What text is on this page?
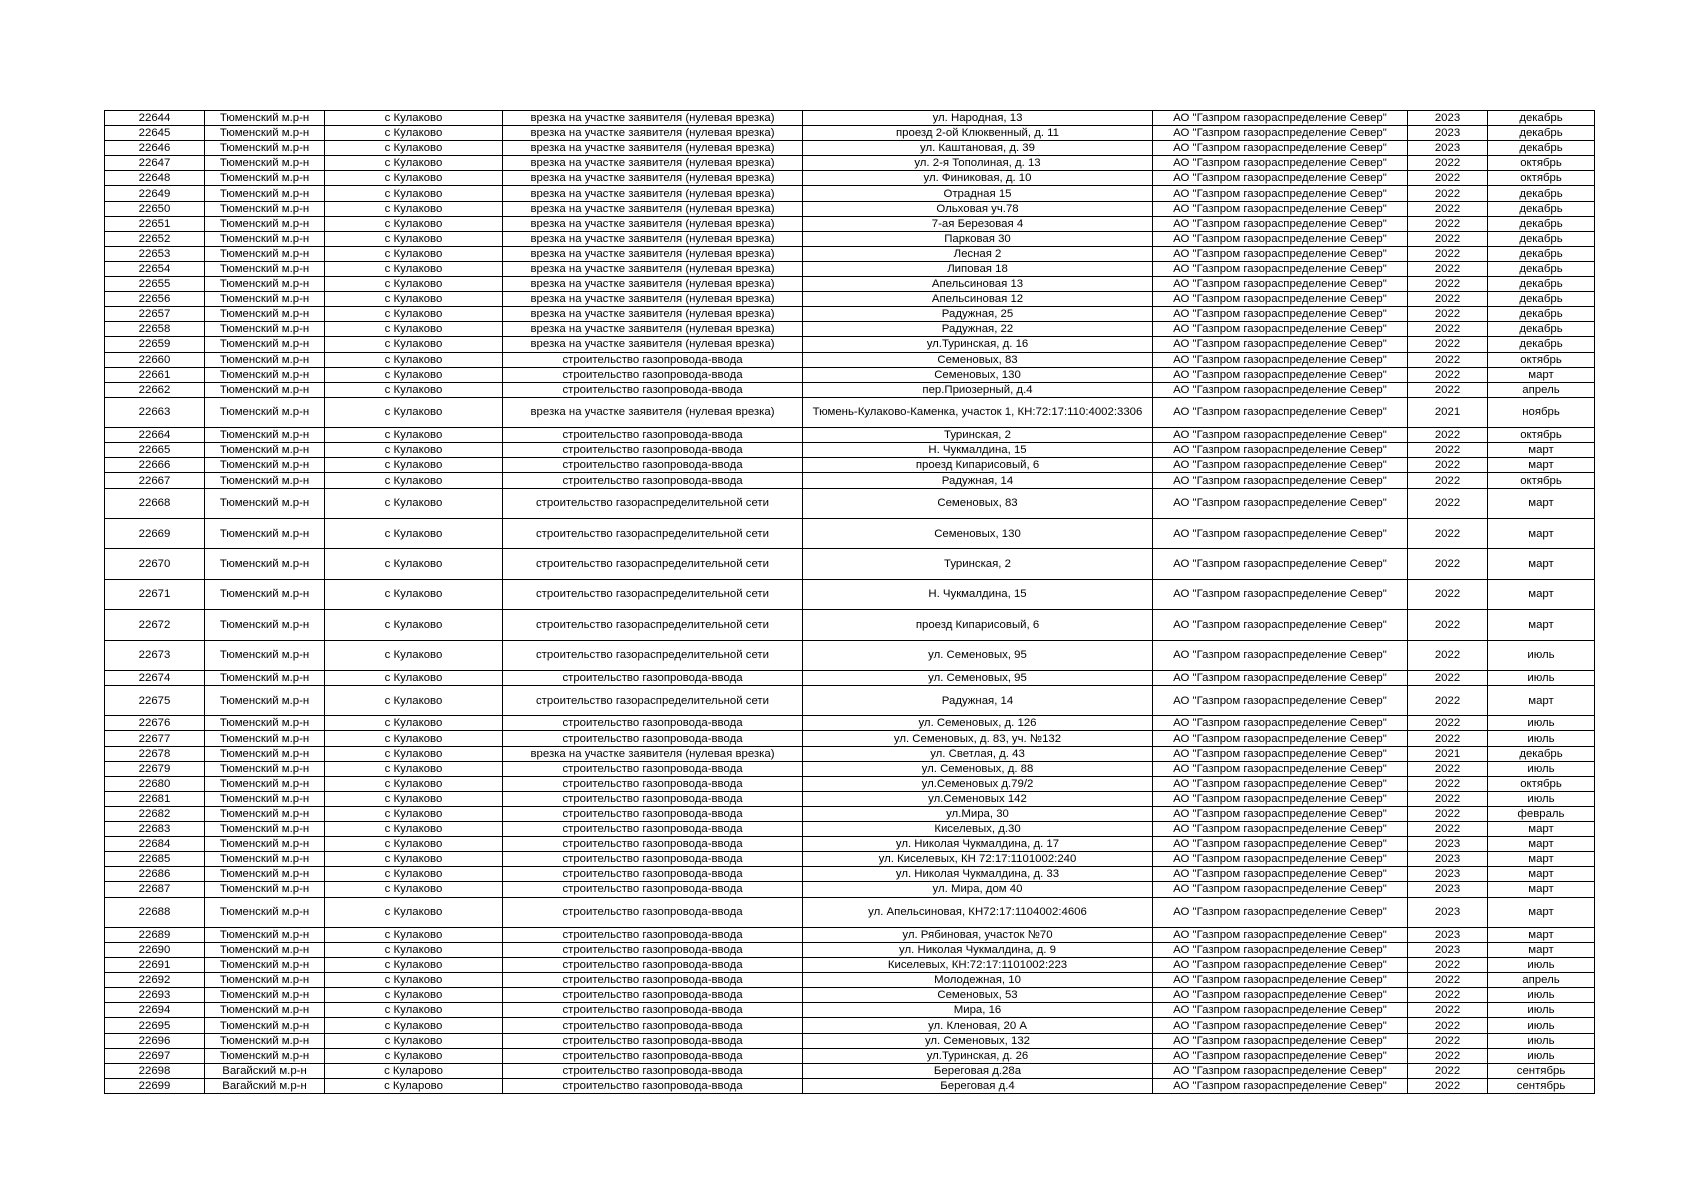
22644	Тюменский м.р-н	с Кулаково	врезка на участке заявителя (нулевая врезка)	ул. Народная, 13	АО "Газпром газораспределение Север"	2023	декабрь
22645	Тюменский м.р-н	с Кулаково	врезка на участке заявителя (нулевая врезка)	проезд 2-ой Клюквенный, д. 11	АО "Газпром газораспределение Север"	2023	декабрь
22646	Тюменский м.р-н	с Кулаково	врезка на участке заявителя (нулевая врезка)	ул. Каштановая, д. 39	АО "Газпром газораспределение Север"	2023	декабрь
22647	Тюменский м.р-н	с Кулаково	врезка на участке заявителя (нулевая врезка)	ул. 2-я Тополиная, д. 13	АО "Газпром газораспределение Север"	2022	октябрь
22648	Тюменский м.р-н	с Кулаково	врезка на участке заявителя (нулевая врезка)	ул. Финиковая, д. 10	АО "Газпром газораспределение Север"	2022	октябрь
22649	Тюменский м.р-н	с Кулаково	врезка на участке заявителя (нулевая врезка)	Отрадная 15	АО "Газпром газораспределение Север"	2022	декабрь
22650	Тюменский м.р-н	с Кулаково	врезка на участке заявителя (нулевая врезка)	Ольховая уч.78	АО "Газпром газораспределение Север"	2022	декабрь
22651	Тюменский м.р-н	с Кулаково	врезка на участке заявителя (нулевая врезка)	7-ая Березовая 4	АО "Газпром газораспределение Север"	2022	декабрь
22652	Тюменский м.р-н	с Кулаково	врезка на участке заявителя (нулевая врезка)	Парковая 30	АО "Газпром газораспределение Север"	2022	декабрь
22653	Тюменский м.р-н	с Кулаково	врезка на участке заявителя (нулевая врезка)	Лесная 2	АО "Газпром газораспределение Север"	2022	декабрь
22654	Тюменский м.р-н	с Кулаково	врезка на участке заявителя (нулевая врезка)	Липовая 18	АО "Газпром газораспределение Север"	2022	декабрь
22655	Тюменский м.р-н	с Кулаково	врезка на участке заявителя (нулевая врезка)	Апельсиновая 13	АО "Газпром газораспределение Север"	2022	декабрь
22656	Тюменский м.р-н	с Кулаково	врезка на участке заявителя (нулевая врезка)	Апельсиновая 12	АО "Газпром газораспределение Север"	2022	декабрь
22657	Тюменский м.р-н	с Кулаково	врезка на участке заявителя (нулевая врезка)	Радужная, 25	АО "Газпром газораспределение Север"	2022	декабрь
22658	Тюменский м.р-н	с Кулаково	врезка на участке заявителя (нулевая врезка)	Радужная, 22	АО "Газпром газораспределение Север"	2022	декабрь
22659	Тюменский м.р-н	с Кулаково	врезка на участке заявителя (нулевая врезка)	ул.Туринская, д. 16	АО "Газпром газораспределение Север"	2022	декабрь
22660	Тюменский м.р-н	с Кулаково	строительство газопровода-ввода	Семеновых, 83	АО "Газпром газораспределение Север"	2022	октябрь
22661	Тюменский м.р-н	с Кулаково	строительство газопровода-ввода	Семеновых, 130	АО "Газпром газораспределение Север"	2022	март
22662	Тюменский м.р-н	с Кулаково	строительство газопровода-ввода	пер.Приозерный, д.4	АО "Газпром газораспределение Север"	2022	апрель
22663	Тюменский м.р-н	с Кулаково	врезка на участке заявителя (нулевая врезка)	Тюмень-Кулаково-Каменка, участок 1, КН:72:17:110:4002:3306	АО "Газпром газораспределение Север"	2021	ноябрь
22664	Тюменский м.р-н	с Кулаково	строительство газопровода-ввода	Туринская, 2	АО "Газпром газораспределение Север"	2022	октябрь
22665	Тюменский м.р-н	с Кулаково	строительство газопровода-ввода	Н. Чукмалдина, 15	АО "Газпром газораспределение Север"	2022	март
22666	Тюменский м.р-н	с Кулаково	строительство газопровода-ввода	проезд Кипарисовый, 6	АО "Газпром газораспределение Север"	2022	март
22667	Тюменский м.р-н	с Кулаково	строительство газопровода-ввода	Радужная, 14	АО "Газпром газораспределение Север"	2022	октябрь
22668	Тюменский м.р-н	с Кулаково	строительство газораспределительной сети	Семеновых, 83	АО "Газпром газораспределение Север"	2022	март
22669	Тюменский м.р-н	с Кулаково	строительство газораспределительной сети	Семеновых, 130	АО "Газпром газораспределение Север"	2022	март
22670	Тюменский м.р-н	с Кулаково	строительство газораспределительной сети	Туринская, 2	АО "Газпром газораспределение Север"	2022	март
22671	Тюменский м.р-н	с Кулаково	строительство газораспределительной сети	Н. Чукмалдина, 15	АО "Газпром газораспределение Север"	2022	март
22672	Тюменский м.р-н	с Кулаково	строительство газораспределительной сети	проезд Кипарисовый, 6	АО "Газпром газораспределение Север"	2022	март
22673	Тюменский м.р-н	с Кулаково	строительство газораспределительной сети	ул. Семеновых, 95	АО "Газпром газораспределение Север"	2022	июль
22674	Тюменский м.р-н	с Кулаково	строительство газопровода-ввода	ул. Семеновых, 95	АО "Газпром газораспределение Север"	2022	июль
22675	Тюменский м.р-н	с Кулаково	строительство газораспределительной сети	Радужная, 14	АО "Газпром газораспределение Север"	2022	март
22676	Тюменский м.р-н	с Кулаково	строительство газопровода-ввода	ул. Семеновых, д. 126	АО "Газпром газораспределение Север"	2022	июль
22677	Тюменский м.р-н	с Кулаково	строительство газопровода-ввода	ул. Семеновых, д. 83, уч. №132	АО "Газпром газораспределение Север"	2022	июль
22678	Тюменский м.р-н	с Кулаково	врезка на участке заявителя (нулевая врезка)	ул. Светлая, д. 43	АО "Газпром газораспределение Север"	2021	декабрь
22679	Тюменский м.р-н	с Кулаково	строительство газопровода-ввода	ул. Семеновых, д. 88	АО "Газпром газораспределение Север"	2022	июль
22680	Тюменский м.р-н	с Кулаково	строительство газопровода-ввода	ул.Семеновых д.79/2	АО "Газпром газораспределение Север"	2022	октябрь
22681	Тюменский м.р-н	с Кулаково	строительство газопровода-ввода	ул.Семеновых 142	АО "Газпром газораспределение Север"	2022	июль
22682	Тюменский м.р-н	с Кулаково	строительство газопровода-ввода	ул.Мира, 30	АО "Газпром газораспределение Север"	2022	февраль
22683	Тюменский м.р-н	с Кулаково	строительство газопровода-ввода	Киселевых, д.30	АО "Газпром газораспределение Север"	2022	март
22684	Тюменский м.р-н	с Кулаково	строительство газопровода-ввода	ул. Николая Чукмалдина, д. 17	АО "Газпром газораспределение Север"	2023	март
22685	Тюменский м.р-н	с Кулаково	строительство газопровода-ввода	ул. Киселевых, КН 72:17:1101002:240	АО "Газпром газораспределение Север"	2023	март
22686	Тюменский м.р-н	с Кулаково	строительство газопровода-ввода	ул. Николая Чукмалдина, д. 33	АО "Газпром газораспределение Север"	2023	март
22687	Тюменский м.р-н	с Кулаково	строительство газопровода-ввода	ул. Мира, дом 40	АО "Газпром газораспределение Север"	2023	март
22688	Тюменский м.р-н	с Кулаково	строительство газопровода-ввода	ул. Апельсиновая, КН72:17:1104002:4606	АО "Газпром газораспределение Север"	2023	март
22689	Тюменский м.р-н	с Кулаково	строительство газопровода-ввода	ул. Рябиновая, участок №70	АО "Газпром газораспределение Север"	2023	март
22690	Тюменский м.р-н	с Кулаково	строительство газопровода-ввода	ул. Николая Чукмалдина, д. 9	АО "Газпром газораспределение Север"	2023	март
22691	Тюменский м.р-н	с Кулаково	строительство газопровода-ввода	Киселевых, КН:72:17:1101002:223	АО "Газпром газораспределение Север"	2022	июль
22692	Тюменский м.р-н	с Кулаково	строительство газопровода-ввода	Молодежная, 10	АО "Газпром газораспределение Север"	2022	апрель
22693	Тюменский м.р-н	с Кулаково	строительство газопровода-ввода	Семеновых, 53	АО "Газпром газораспределение Север"	2022	июль
22694	Тюменский м.р-н	с Кулаково	строительство газопровода-ввода	Мира, 16	АО "Газпром газораспределение Север"	2022	июль
22695	Тюменский м.р-н	с Кулаково	строительство газопровода-ввода	ул. Кленовая, 20 А	АО "Газпром газораспределение Север"	2022	июль
22696	Тюменский м.р-н	с Кулаково	строительство газопровода-ввода	ул. Семеновых, 132	АО "Газпром газораспределение Север"	2022	июль
22697	Тюменский м.р-н	с Кулаково	строительство газопровода-ввода	ул.Туринская, д. 26	АО "Газпром газораспределение Север"	2022	июль
22698	Вагайский м.р-н	с Куларово	строительство газопровода-ввода	Береговая д.28а	АО "Газпром газораспределение Север"	2022	сентябрь
22699	Вагайский м.р-н	с Куларово	строительство газопровода-ввода	Береговая д.4	АО "Газпром газораспределение Север"	2022	сентябрь
